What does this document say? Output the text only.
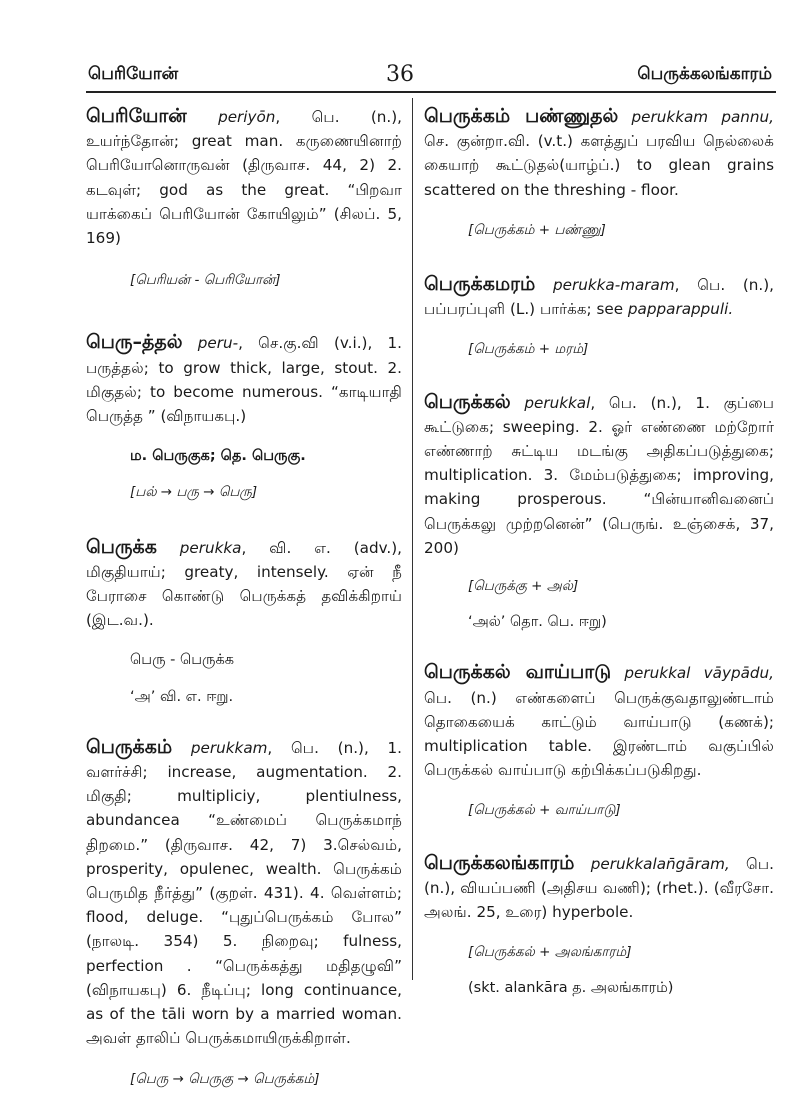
பெரியோன்	36	பெருக்கலங்காரம்

பெரியோன் periyōn, பெ. (n.), உயர்ந்தோன்; great man. கருணையினாற் பெரியோனொருவன் (திருவாச. 44, 2) 2. கடவுள்; god as the great. “பிறவா யாக்கைப் பெரியோன் கோயிலும்” (சிலப். 5, 169)

[பெரியன் - பெரியோன்]

பெரு–த்தல் peru-, செ.கு.வி (v.i.), 1. பருத்தல்; to grow thick, large, stout. 2. மிகுதல்; to become numerous. “காடியாதி பெருத்த ” (விநாயகபு.)

ம. பெருகுக; தெ. பெருகு.

[பல் → பரு → பெரு]

பெருக்க perukka, வி. எ. (adv.), மிகுதியாய்; greaty, intensely. ஏன் நீ பேராசை கொண்டு பெருக்கத் தவிக்கிறாய் (இட.வ.).

பெரு - பெருக்க

‘அ’ வி. எ. ஈறு.

பெருக்கம் perukkam, பெ. (n.), 1. வளர்ச்சி; increase, augmentation. 2. மிகுதி; multipliciy, plentiulness, abundancea “உண்மைப் பெருக்கமாந் திறமை.” (திருவாச. 42, 7) 3.செல்வம், prosperity, opulenec, wealth. பெருக்கம் பெருமித நீர்த்து” (குறள். 431). 4. வெள்ளம்; flood, deluge. “புதுப்பெருக்கம் போல” (நாலடி. 354) 5. நிறைவு; fulness, perfection . “பெருக்கத்து மதிதழுவி” (விநாயகபு) 6. நீடிப்பு; long continuance, as of the tāli worn by a married woman. அவள் தாலிப் பெருக்கமாயிருக்கிறாள்.

[பெரு → பெருகு → பெருக்கம்]

பெருக்கம் பண்ணுதல் perukkam pannu, செ. குன்றா.வி. (v.t.) களத்துப் பரவிய நெல்லைக் கையாற் கூட்டுதல்(யாழ்ப்.) to glean grains scattered on the threshing - floor.

[பெருக்கம் + பண்ணு]

பெருக்கமரம் perukka-maram, பெ. (n.), பப்பரப்புளி (L.) பார்க்க; see papparappuli.

[பெருக்கம் + மரம்]

பெருக்கல் perukkal, பெ. (n.), 1. குப்பை கூட்டுகை; sweeping. 2. ஓர் எண்ணை மற்றோர் எண்ணாற் சுட்டிய மடங்கு அதிகப்படுத்துகை; multiplication. 3. மேம்படுத்துகை; improving, making prosperous. “பின்யானிவனைப் பெருக்கலு முற்றனென்” (பெருங். உஞ்சைக், 37, 200)

[பெருக்கு + அல்]

‘அல்’ தொ. பெ. ஈறு)

பெருக்கல் வாய்பாடு perukkal vāypādu, பெ. (n.) எண்களைப் பெருக்குவதாலுண்டாம் தொகையைக் காட்டும் வாய்பாடு (கணக்); multiplication table. இரண்டாம் வகுப்பில் பெருக்கல் வாய்பாடு கற்பிக்கப்படுகிறது.

[பெருக்கல் + வாய்பாடு]

பெருக்கலங்காரம் perukkalan̄gāram, பெ. (n.), வியப்பணி (அதிசய வணி); (rhet.). (வீரசோ. அலங். 25, உரை) hyperbole.

[பெருக்கல் + அலங்காரம்]

(skt. alankāra த. அலங்காரம்)
